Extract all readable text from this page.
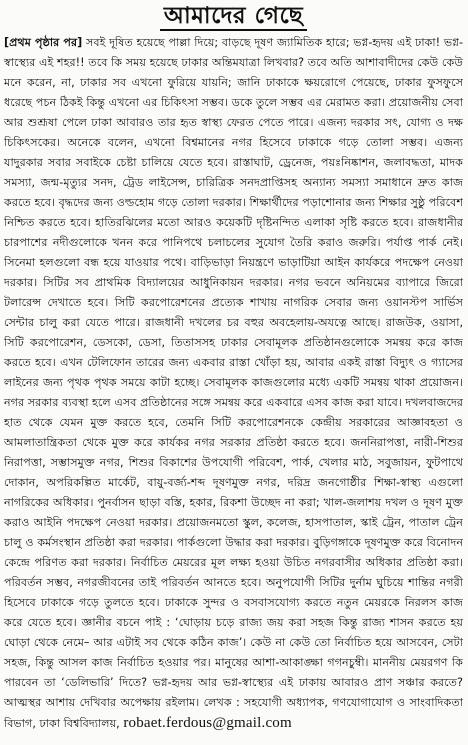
আমাদের গেছে

[প্রথম পৃষ্ঠার পর] সবই দূষিত হয়েছে পাল্লা দিয়ে; বাড়ছে দূষণ জ্যামিতিক হারে; ভগ্ন-হৃদয় এই ঢাকা! ভগ্ন-স্বাস্থ্যের এই শহর!! তবে কি সময় হয়েছে ঢাকার অন্তিমযাত্রা লিখবার? তবে অতি আশাবাদীদের কেউ কেউ মনে করেন, না, ঢাকার সব এখনো ফুরিয়ে যায়নি; জানি ঢাকাকে ক্ষয়রোগে পেয়েছে, ঢাকার ফুসফুসে ধরেছে পচন ঠিকই কিন্তু এখনো এর চিকিৎসা সম্ভব। ডকে তুলে সম্ভব এর মেরামত করা। প্রয়োজনীয় সেবা আর শুশ্রূষা পেলে ঢাকা আবারও তার হৃত স্বাস্থ্য ফেরত পেতে পারে। এজন্য দরকার সৎ, যোগ্য ও দক্ষ চিকিৎসকের। অনেকে বলেন, এখনো বিশ্বমানের নগর হিসেবে ঢাকাকে গড়ে তোলা সম্ভব। এজন্য যাদুরকার সবার সবাইকে চেষ্টা চালিয়ে যেতে হবে। রাস্তাঘাট, ড্রেনেজ, পয়ঃনিষ্কাশন, জলাবদ্ধতা, মাদক সমস্যা, জন্ম-মৃত্যুর সনদ, ট্রেড লাইসেন্স, চারিত্রিক সনদপ্রাপ্তিসহ অন্যান্য সমস্যা সমাধানে দ্রুত কাজ করতে হবে। বৃদ্ধদের জন্য ওল্ডহোম গড়ে তোলা দরকার। শিক্ষার্থীদের পড়াশোনার জন্য শিক্ষার সুষ্ঠু পরিবেশ নিশ্চিত করতে হবে। হাতিরঝিলের মতো আরও কয়েকটি দৃষ্টিনন্দিত এলাকা সৃষ্টি করতে হবে। রাজধানীর চারপাশের নদীগুলোকে খনন করে পানিপথে চলাচলের সুযোগ তৈরি করাও জরুরি। পর্যাপ্ত পার্ক নেই। সিনেমা হলগুলো বন্ধ হয়ে যাওয়ার পথে। বাড়িভাড়া নিয়ন্ত্রণে ভাড়াটিয়া আইন কার্যকরে পদক্ষেপ নেওয়া দরকার। সিটির সব প্রাথমিক বিদ্যালয়ের আধুনিকায়ন দরকার। নগর ভবনে অনিয়মের ব্যাপারে জিরো টলারেন্স দেখাতে হবে। সিটি করপোরেশনের প্রত্যেক শাখায় নাগরিক সেবার জন্য ওয়ানস্টপ সার্ভিস সেন্টার চালু করা যেতে পারে। রাজধানী দখলের চর বহুর অবহেলায়-অযত্নে আছে। রাজউক, ওয়াসা, সিটি করপোরেশন, ডেসকো, ডেসা, তিতাসসহ ঢাকার সেবামূলক প্রতিষ্ঠানগুলোকে সমন্বয় করে কাজ করতে হবে। এখন টেলিফোন তারের জন্য একবার রাস্তা খোঁড়া হয়, আবার একই রাস্তা বিদ্যুৎ ও গ্যাসের লাইনের জন্য পৃথক পৃথক সময়ে কাটা হচ্ছে। সেবামূলক কাজগুলোর মধ্যে একটি সমন্বয় থাকা প্রয়োজন। নগর সরকার ব্যবস্থা হলে এসব প্রতিষ্ঠানের সঙ্গে সমন্বয় করে একবারে এসব কাজ করা যাবে। দখলবাজদের হাত থেকে যেমন মুক্ত করতে হবে, তেমনি সিটি করপোরেশনকে কেন্দ্রীয় সরকারের আজ্ঞাবহতা ও আমলাতান্ত্রিকতা থেকে মুক্ত করে কার্যকর নগর সরকার প্রতিষ্ঠা করতে হবে। জননিরাপত্তা, নারী-শিশুর নিরাপত্তা, সম্ভাসমুক্ত নগর, শিশুর বিকাশের উপযোগী পরিবেশ, পার্ক, খেলার মাঠ, সবুজায়ন, ফুটপাথে দোকান, অপরিকল্পিত মার্কেট, বায়ু-বর্জ্য-শব্দ দূষণমুক্ত নগর, দরিদ্র জনগোষ্ঠীর শিক্ষা-স্বাস্থ্য এগুলো নাগরিকের অধিকার। পুনর্বাসন ছাড়া বস্তি, হকার, রিকশা উচ্ছেদ না করা; খাল-জলাশয় দখল ও দূষণ মুক্ত করাও আইনি পদক্ষেপ নেওয়া দরকার। প্রয়োজনমতো স্কুল, কলেজ, হাসপাতাল, স্কাই ট্রেন, পাতাল ট্রেন চালু ও কর্মসংস্থান প্রতিষ্ঠা করা দরকার। পার্কগুলো উদ্ধার করা দরকার। বুড়িগঙ্গাকে দূষণমুক্ত করে বিনোদন কেন্দ্রে পরিণত করা দরকার। নির্বাচিত মেয়রের মূল লক্ষ্য হওয়া উচিত নগরবাসীর অধিকার প্রতিষ্ঠা করা। পরিবর্তন সম্ভব, নগরজীবনের তাই পরিবর্তন আনতে হবে। অনুপযোগী সিটির দুর্নাম ঘুচিয়ে শান্তির নগরী হিসেবে ঢাকাকে গড়ে তুলতে হবে। ঢাকাকে সুন্দর ও বসবাসযোগ্য করতে নতুন মেয়রকে নিরলস কাজ করে যেতে হবে। জ্ঞানীর বচনে পাই : ‘ঘোড়ায় চড়ে রাজ্য জয় করা সহজ কিন্তু রাজ্য শাসন করতে হয় ঘোড়া থেকে নেমে– আর এটাই সব থেকে কঠিন কাজ’। কেউ না কেউ তো নির্বাচিত হয়ে আসবেন, সেটা সহজ, কিন্তু আসল কাজ নির্বাচিত হওয়ার পর। মানুষের আশা-আকাঙ্ক্ষা গগনচুম্বী। মাননীয় মেয়রগণ কি পারবেন তা ‘ডেলিভারি’ দিতে? ভগ্ন-হৃদয় আর ভগ্ন-স্বাস্থ্যের এই ঢাকায় আবারও প্রাণ সঞ্চার করতে? আত্মস্থর আশায় দেখিবার অপেক্ষায় রইলাম। লেখক : সহযোগী অধ্যাপক, গণযোগাযোগ ও সাংবাদিকতা বিভাগ, ঢাকা বিশ্ববিদ্যালয়, robaet.ferdous@gmail.com
